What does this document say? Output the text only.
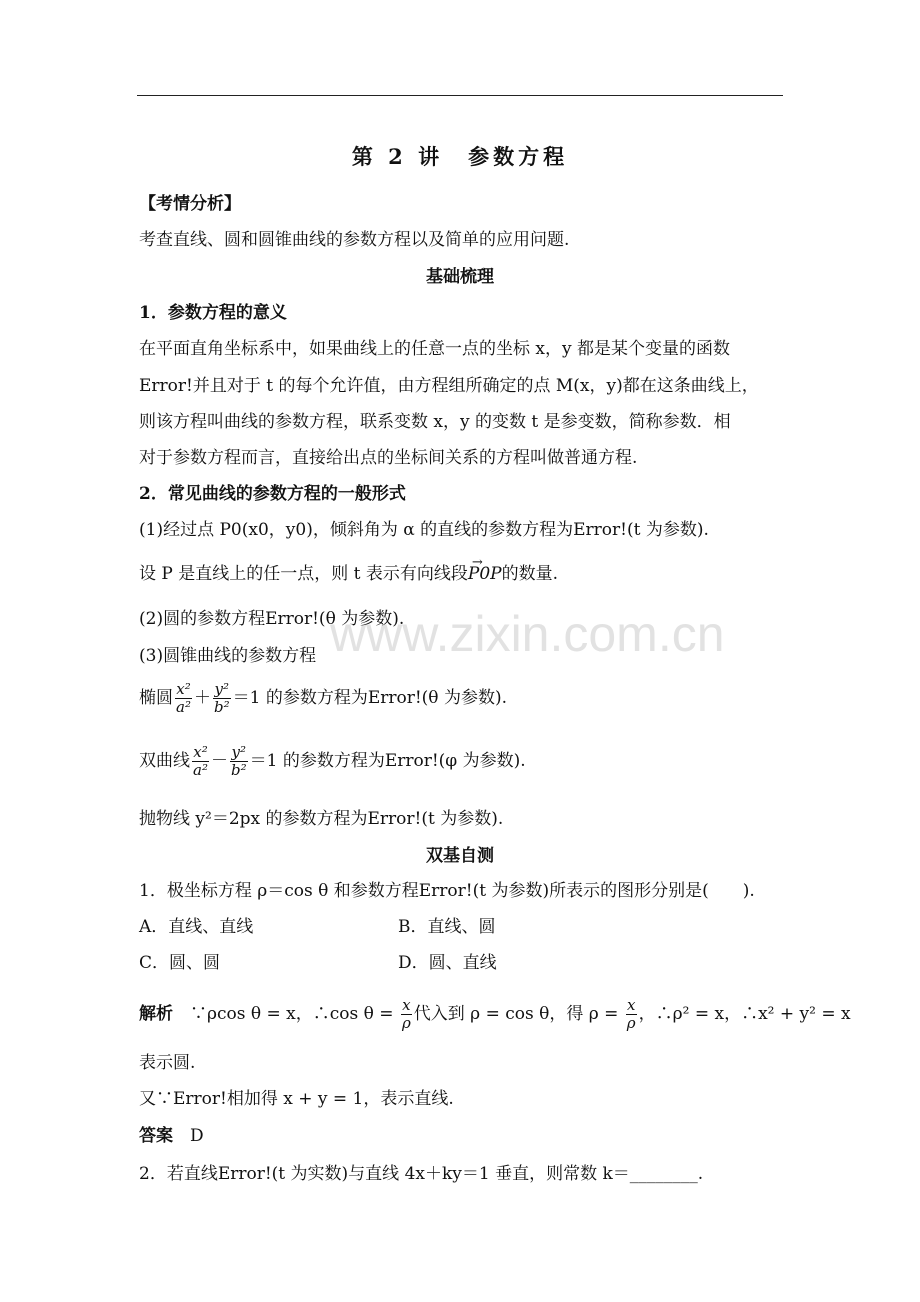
第 2 讲　参数方程
www.zixin.com.cn
【考情分析】
考查直线、圆和圆锥曲线的参数方程以及简单的应用问题.
基础梳理
1．参数方程的意义
在平面直角坐标系中，如果曲线上的任意一点的坐标 x，y 都是某个变量的函数
Error!并且对于 t 的每个允许值，由方程组所确定的点 M(x，y)都在这条曲线上，
则该方程叫曲线的参数方程，联系变数 x，y 的变数 t 是参变数，简称参数．相
对于参数方程而言，直接给出点的坐标间关系的方程叫做普通方程.
2．常见曲线的参数方程的一般形式
(1)经过点 P0(x0，y0)，倾斜角为 α 的直线的参数方程为Error!(t 为参数).
设 P 是直线上的任一点，则 t 表示有向线段→ P0P的数量.
(2)圆的参数方程Error!(θ 为参数).
(3)圆锥曲线的参数方程
椭圆 $\frac{\text{x²}}{\text{a²}} + \frac{\text{y²}}{\text{b²}} =1$ 的参数方程为Error!(θ 为参数).
双曲线 $\frac{\text{x²}}{\text{a²}} - \frac{\text{y²}}{\text{b²}} =1$ 的参数方程为Error!(φ 为参数).
抛物线 y²＝2px 的参数方程为Error!(t 为参数).
双基自测
1．极坐标方程 ρ＝cos θ 和参数方程Error!(t 为参数)所表示的图形分别是(　　).
A．直线、直线	B．直线、圆
C．圆、圆	D．圆、直线
解析　∵ρcos θ = x，∴cos $\theta = \frac{x}{\rho}$ 代入到 ρ = cos θ，得 $\rho = \frac{x}{\rho}$ ，∴ρ² = x，∴x² + y² = x
表示圆.
又∵Error!相加得 x + y = 1，表示直线.
答案　D
2．若直线Error!(t 为实数)与直线 4x＋ky＝1 垂直，则常数 k＝________.
